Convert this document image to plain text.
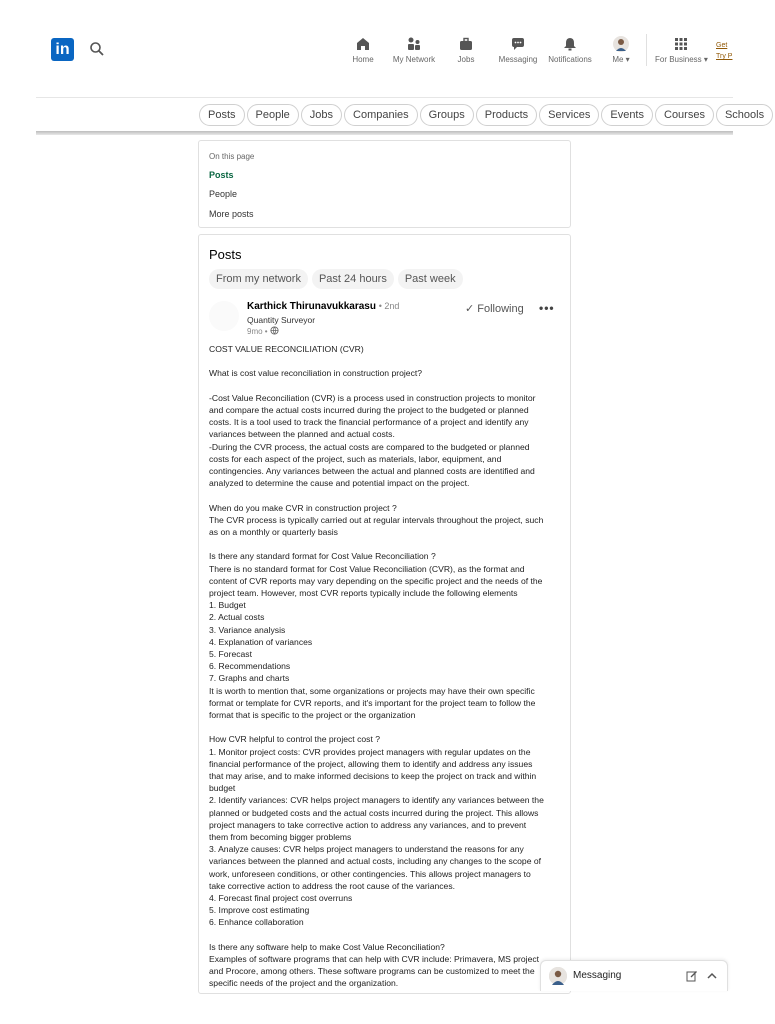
in
Home My Network	Jobs	Messaging Notifications	Me ▾	For Business ▾
Get
Try P
Posts People Jobs Companies Groups Products Services Events Courses Schools
On this page
Posts
People
More posts
Posts
From my network Past 24 hours Past week
Karthick Thirunavukkarasu • 2nd
Quantity Surveyor
9mo •
✓ Following •••

COST VALUE RECONCILIATION (CVR)

What is cost value reconciliation in construction project?

-Cost Value Reconciliation (CVR) is a process used in construction projects to monitor

and compare the actual costs incurred during the project to the budgeted or planned

costs. It is a tool used to track the financial performance of a project and identify any

variances between the planned and actual costs.

-During the CVR process, the actual costs are compared to the budgeted or planned

costs for each aspect of the project, such as materials, labor, equipment, and

contingencies. Any variances between the actual and planned costs are identified and

analyzed to determine the cause and potential impact on the project.

When do you make CVR in construction project ?

The CVR process is typically carried out at regular intervals throughout the project, such

as on a monthly or quarterly basis

Is there any standard format for Cost Value Reconciliation ?

There is no standard format for Cost Value Reconciliation (CVR), as the format and

content of CVR reports may vary depending on the specific project and the needs of the

project team. However, most CVR reports typically include the following elements

1. Budget

2. Actual costs

3. Variance analysis

4. Explanation of variances

5. Forecast

6. Recommendations

7. Graphs and charts

It is worth to mention that, some organizations or projects may have their own specific

format or template for CVR reports, and it's important for the project team to follow the

format that is specific to the project or the organization

How CVR helpful to control the project cost ?

1. Monitor project costs: CVR provides project managers with regular updates on the

financial performance of the project, allowing them to identify and address any issues

that may arise, and to make informed decisions to keep the project on track and within

budget

2. Identify variances: CVR helps project managers to identify any variances between the

planned or budgeted costs and the actual costs incurred during the project. This allows

project managers to take corrective action to address any variances, and to prevent

them from becoming bigger problems

3. Analyze causes: CVR helps project managers to understand the reasons for any

variances between the planned and actual costs, including any changes to the scope of

work, unforeseen conditions, or other contingencies. This allows project managers to

take corrective action to address the root cause of the variances.

4. Forecast final project cost overruns

5. Improve cost estimating

6. Enhance collaboration

Is there any software help to make Cost Value Reconciliation?

Examples of software programs that can help with CVR include: Primavera, MS project

and Procore, among others. These software programs can be customized to meet the

specific needs of the project and the organization.

Messaging
